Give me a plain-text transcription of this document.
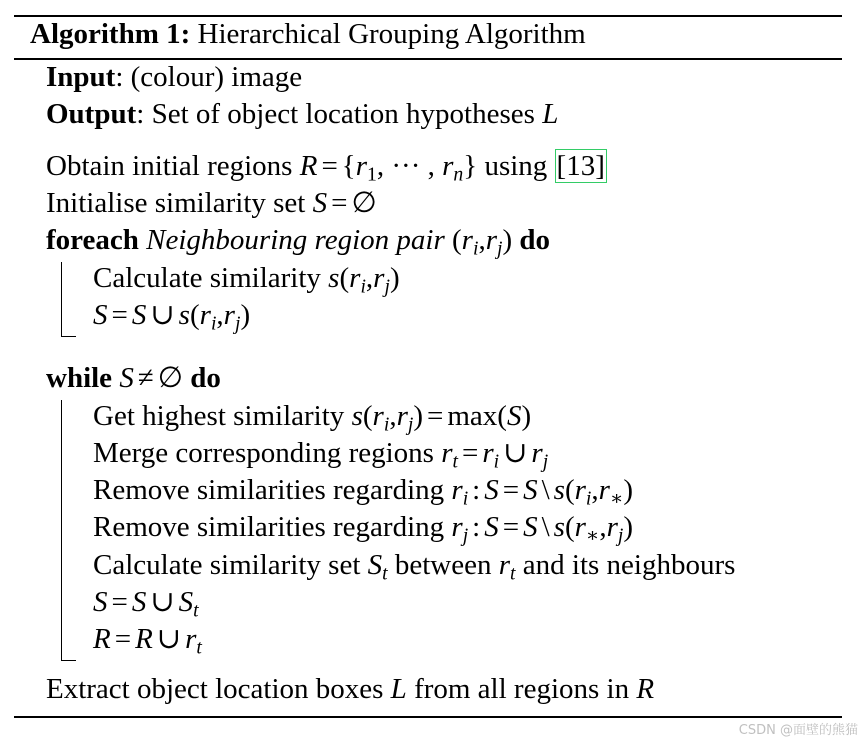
Algorithm 1: Hierarchical Grouping Algorithm
Input: (colour) image
Output: Set of object location hypotheses L
Obtain initial regions R = {r1, ··· , $r_n$} using [13]
Initialise similarity set S = ∅
foreach Neighbouring region pair $(r_i,r_j)$ do
Calculate similarity $s(r_i,r_j)$
S = S ∪ $s(r_i,r_j)$
while S ≠ ∅ do
Get highest similarity $s(r_i,r_j) = \max(S)$
Merge corresponding regions $r_t = r_i$ ∪ $r_j$
Remove similarities regarding $r_i$ : S = S \ $s(r_i,r∗)$
Remove similarities regarding $r_j$ : S = S \ $s(r∗,r_j)$
Calculate similarity set $S_t$ between $r_t$ and its neighbours
S = S ∪ $S_t$
R = R ∪ $r_t$
Extract object location boxes L from all regions in R
CSDN @面壁的熊猫
